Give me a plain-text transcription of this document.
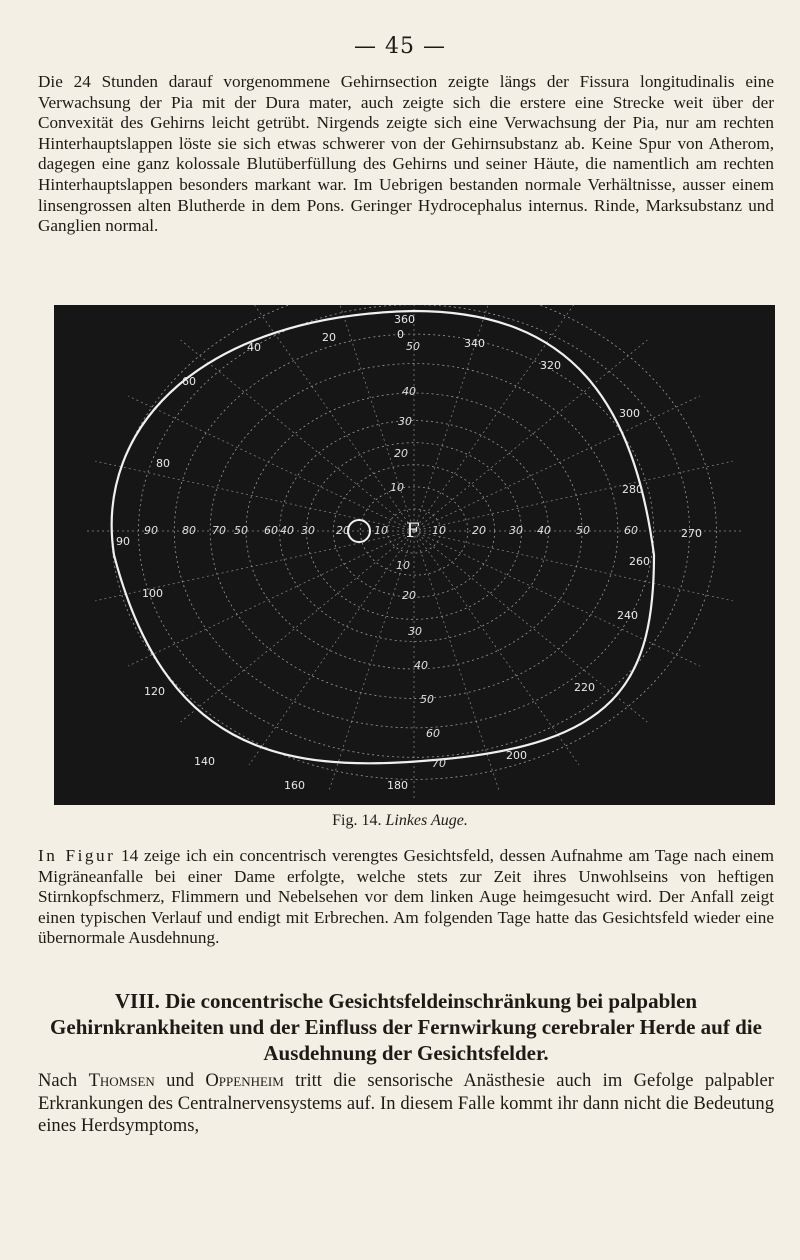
— 45 —

Die 24 Stunden darauf vorgenommene Gehirnsection zeigte längs der Fissura longitudinalis eine Verwachsung der Pia mit der Dura mater, auch zeigte sich die erstere eine Strecke weit über der Convexität des Gehirns leicht getrübt. Nirgends zeigte sich eine Verwachsung der Pia, nur am rechten Hinterhauptslappen löste sie sich etwas schwerer von der Gehirnsubstanz ab. Keine Spur von Atherom, dagegen eine ganz kolossale Blutüberfüllung des Gehirns und seiner Häute, die namentlich am rechten Hinterhauptslappen besonders markant war. Im Uebrigen bestanden normale Verhältnisse, ausser einem linsengrossen alten Blutherde in dem Pons. Geringer Hydrocephalus internus. Rinde, Marksubstanz und Ganglien normal.

360
0
20
40
60
80
90
100
120
140
160	180
200
220
240
260
270
280
300
320
340
90 80 70	60
50	40 30 20 10	10 20 30 40 50	60
50
40
30
20
10
10
20
30
40
50
60
70
F
Fig. 14. Linkes Auge.

In Figur 14 zeige ich ein concentrisch verengtes Gesichtsfeld, dessen Aufnahme am Tage nach einem Migräneanfalle bei einer Dame erfolgte, welche stets zur Zeit ihres Unwohlseins von heftigen Stirnkopfschmerz, Flimmern und Nebelsehen vor dem linken Auge heimgesucht wird. Der Anfall zeigt einen typischen Verlauf und endigt mit Erbrechen. Am folgenden Tage hatte das Gesichtsfeld wieder eine übernormale Ausdehnung.

VIII. Die concentrische Gesichtsfeldeinschränkung bei palpablen Gehirnkrankheiten und der Einfluss der Fernwirkung cerebraler Herde auf die Ausdehnung der Gesichtsfelder.

Nach Thomsen und Oppenheim tritt die sensorische Anästhesie auch im Gefolge palpabler Erkrankungen des Centralnervensystems auf. In diesem Falle kommt ihr dann nicht die Bedeutung eines Herdsymptoms,
